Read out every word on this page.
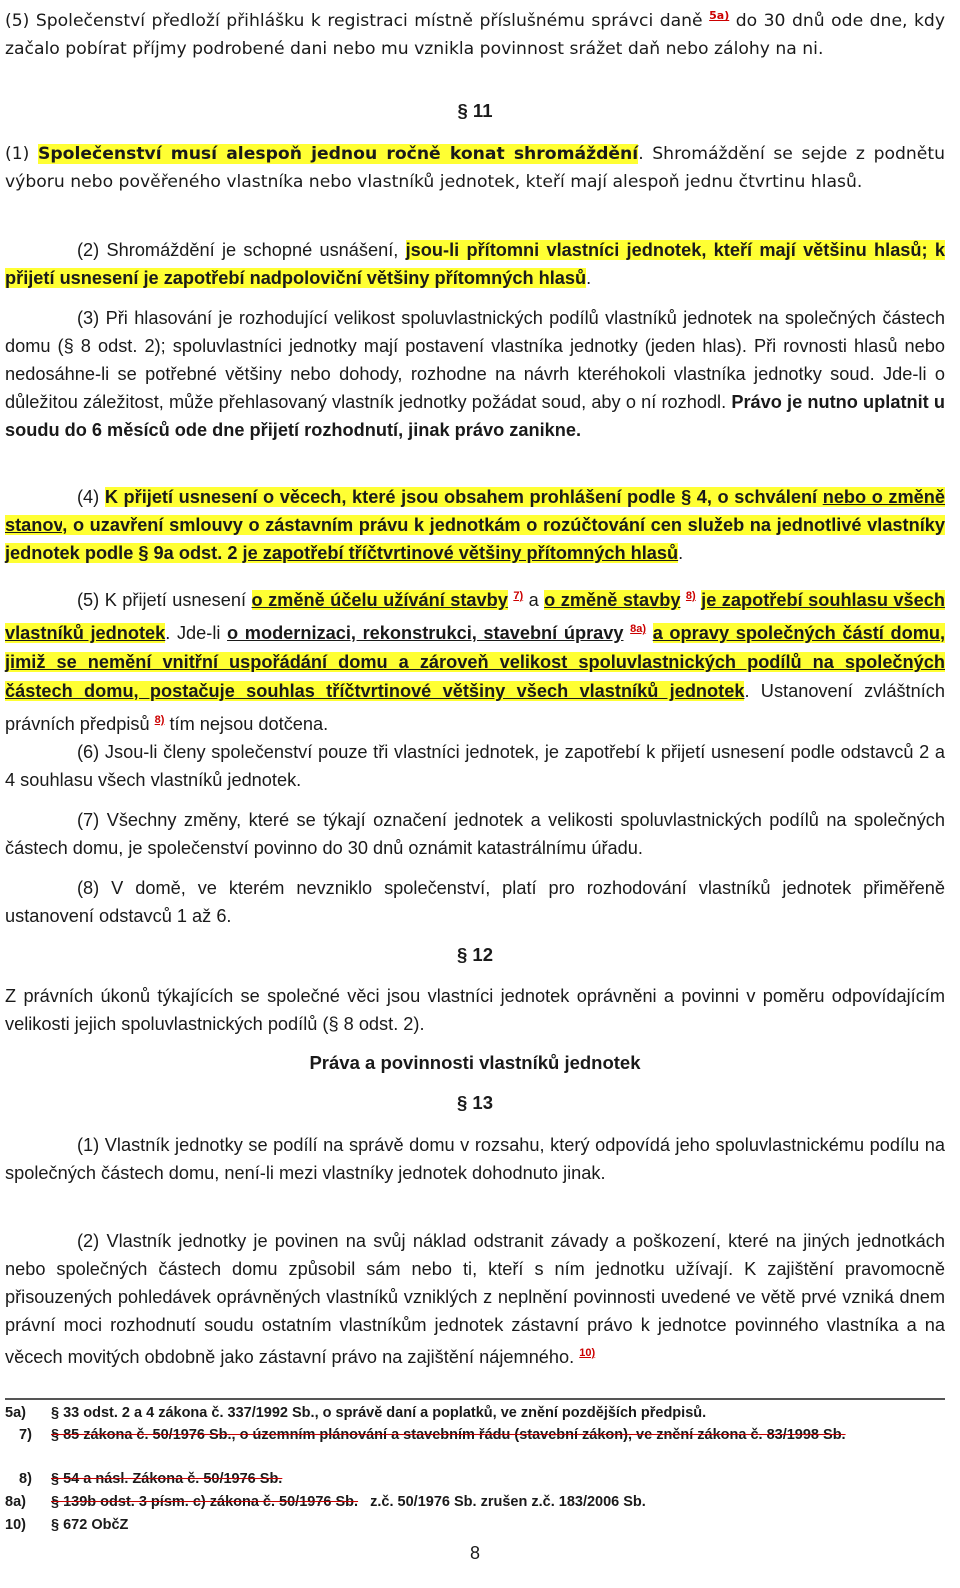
(5) Společenství předloží přihlášku k registraci místně příslušnému správci daně $^{5a)}$ do 30 dnů ode dne, kdy začalo pobírat příjmy podrobené dani nebo mu vznikla povinnost srážet daň nebo zálohy na ni.

§ 11

(1) Společenství musí alespoň jednou ročně konat shromáždění. Shromáždění se sejde z podnětu výboru nebo pověřeného vlastníka nebo vlastníků jednotek, kteří mají alespoň jednu čtvrtinu hlasů.

(2) Shromáždění je schopné usnášení, jsou-li přítomni vlastníci jednotek, kteří mají většinu hlasů; k přijetí usnesení je zapotřebí nadpoloviční většiny přítomných hlasů.

(3) Při hlasování je rozhodující velikost spoluvlastnických podílů vlastníků jednotek na společných částech domu (§ 8 odst. 2); spoluvlastníci jednotky mají postavení vlastníka jednotky (jeden hlas). Při rovnosti hlasů nebo nedosáhne-li se potřebné většiny nebo dohody, rozhodne na návrh kteréhokoli vlastníka jednotky soud. Jde-li o důležitou záležitost, může přehlasovaný vlastník jednotky požádat soud, aby o ní rozhodl. Právo je nutno uplatnit u soudu do 6 měsíců ode dne přijetí rozhodnutí, jinak právo zanikne.

(4) K přijetí usnesení o věcech, které jsou obsahem prohlášení podle § 4, o schválení nebo o změně stanov, o uzavření smlouvy o zástavním právu k jednotkám o rozúčtování cen služeb na jednotlivé vlastníky jednotek podle § 9a odst. 2 je zapotřebí tříčtvrtinové většiny přítomných hlasů.

(5) K přijetí usnesení o změně účelu užívání stavby $^{7)}$ a o změně stavby $^{8)}$ je zapotřebí souhlasu všech vlastníků jednotek. Jde-li o modernizaci, rekonstrukci, stavební úpravy $^{8a)}$ a opravy společných částí domu, jimiž se nemění vnitřní uspořádání domu a zároveň velikost spoluvlastnických podílů na společných částech domu, postačuje souhlas tříčtvrtinové většiny všech vlastníků jednotek. Ustanovení zvláštních právních předpisů $^{8)}$ tím nejsou dotčena.

(6) Jsou-li členy společenství pouze tři vlastníci jednotek, je zapotřebí k přijetí usnesení podle odstavců 2 a 4 souhlasu všech vlastníků jednotek.

(7) Všechny změny, které se týkají označení jednotek a velikosti spoluvlastnických podílů na společných částech domu, je společenství povinno do 30 dnů oznámit katastrálnímu úřadu.

(8) V domě, ve kterém nevzniklo společenství, platí pro rozhodování vlastníků jednotek přiměřeně ustanovení odstavců 1 až 6.

§ 12

Z právních úkonů týkajících se společné věci jsou vlastníci jednotek oprávněni a povinni v poměru odpovídajícím velikosti jejich spoluvlastnických podílů (§ 8 odst. 2).

Práva a povinnosti vlastníků jednotek
§ 13

(1) Vlastník jednotky se podílí na správě domu v rozsahu, který odpovídá jeho spoluvlastnickému podílu na společných částech domu, není-li mezi vlastníky jednotek dohodnuto jinak.

(2) Vlastník jednotky je povinen na svůj náklad odstranit závady a poškození, které na jiných jednotkách nebo společných částech domu způsobil sám nebo ti, kteří s ním jednotku užívají. K zajištění pravomocně přisouzených pohledávek oprávněných vlastníků vzniklých z neplnění povinnosti uvedené ve větě prvé vzniká dnem právní moci rozhodnutí soudu ostatním vlastníkům jednotek zástavní právo k jednotce povinného vlastníka a na věcech movitých obdobně jako zástavní právo na zajištění nájemného. $^{10)}$

5a) § 33 odst. 2 a 4 zákona č. 337/1992 Sb., o správě daní a poplatků, ve znění pozdějších předpisů.
7) § 85 zákona č. 50/1976 Sb., o územním plánování a stavebním řádu (stavební zákon), ve znění zákona č. 83/1998 Sb.
8) § 54 a násl. Zákona č. 50/1976 Sb.
8a) § 139b odst. 3 písm. c) zákona č. 50/1976 Sb. z.č. 50/1976 Sb. zrušen z.č. 183/2006 Sb.
10) § 672 ObčZ
8
